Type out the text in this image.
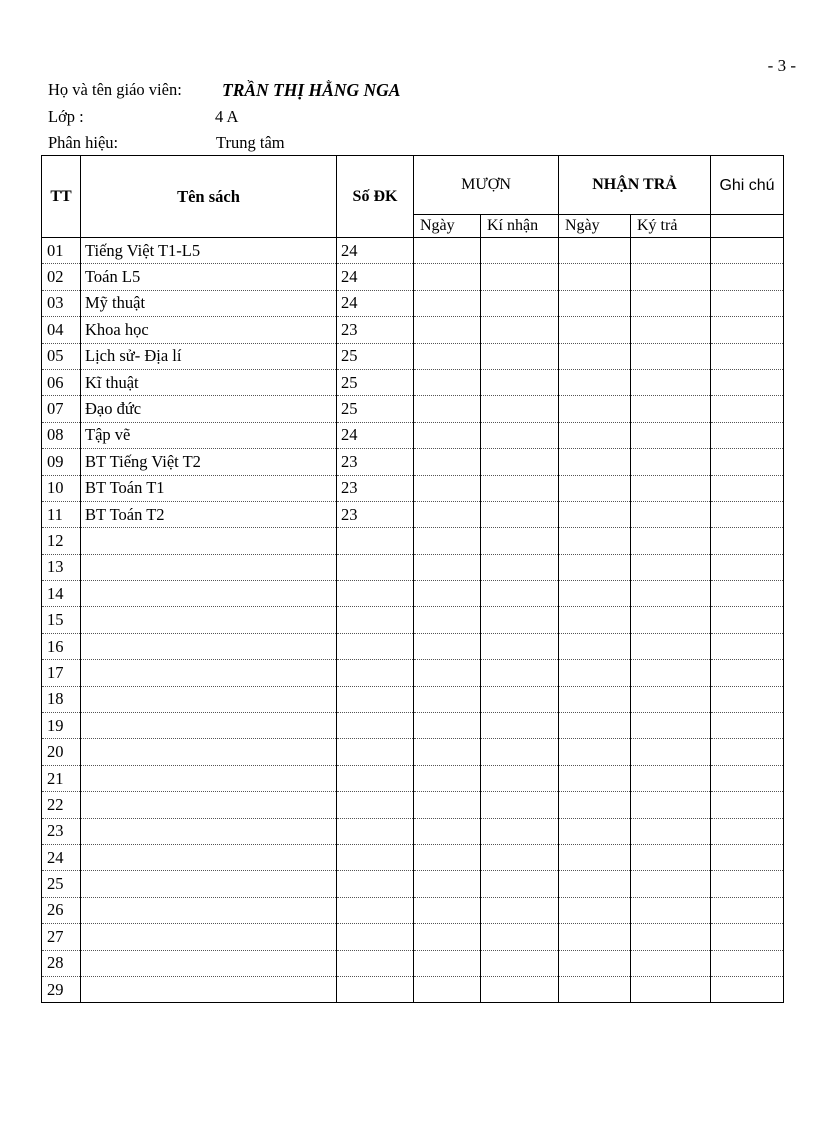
- 3 -
Họ và tên giáo viên: TRẦN THỊ HẰNG NGA
Lớp :	4 A
Phân hiệu:	Trung tâm
TT	Tên sách	Số ĐK	MƯỢN		NHẬN TRẢ		Ghi chú
			Ngày	Kí nhận	Ngày	Ký trả	
01	Tiếng Việt T1-L5	24					
02	Toán L5	24					
03	Mỹ thuật	24					
04	Khoa học	23					
05	Lịch sử- Địa lí	25					
06	Kĩ thuật	25					
07	Đạo đức	25					
08	Tập vẽ	24					
09	BT Tiếng Việt T2	23					
10	BT Toán T1	23					
11	BT Toán T2	23					
12							
13							
14							
15							
16							
17							
18							
19							
20							
21							
22							
23							
24							
25							
26							
27							
28							
29							
